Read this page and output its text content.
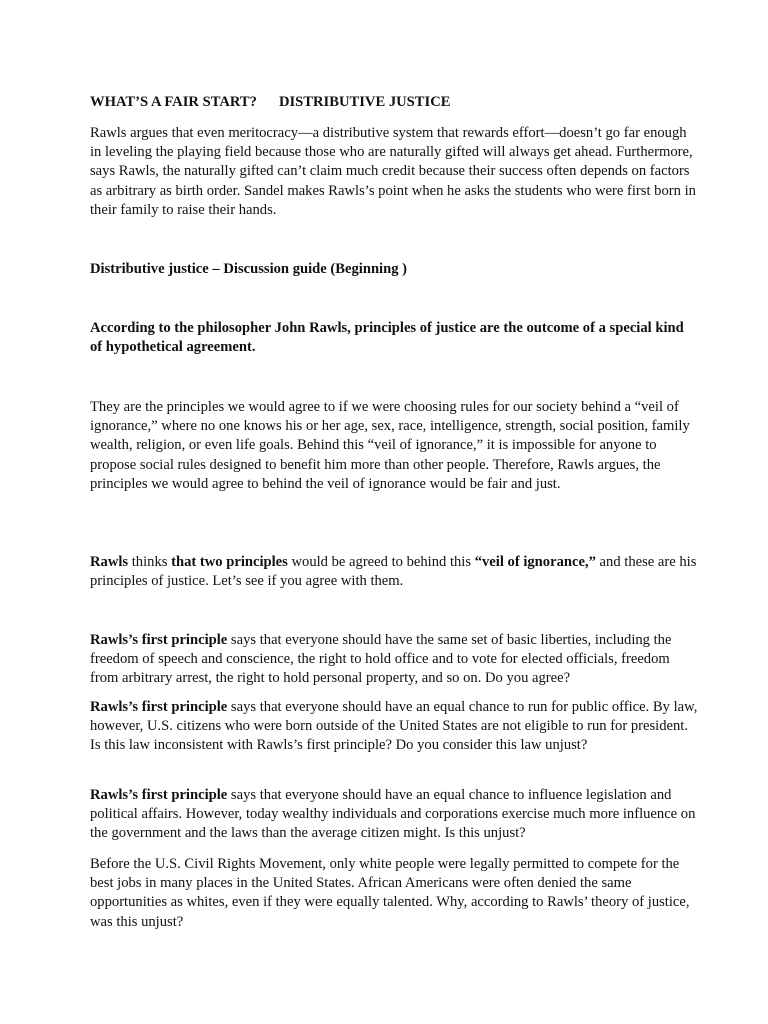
WHAT’S A FAIR START? DISTRIBUTIVE JUSTICE

Rawls argues that even meritocracy—a distributive system that rewards effort—doesn’t go far enough in leveling the playing field because those who are naturally gifted will always get ahead. Furthermore, says Rawls, the naturally gifted can’t claim much credit because their success often depends on factors as arbitrary as birth order. Sandel makes Rawls’s point when he asks the students who were first born in their family to raise their hands.

Distributive justice – Discussion guide (Beginning )

According to the philosopher John Rawls, principles of justice are the outcome of a special kind of hypothetical agreement.

They are the principles we would agree to if we were choosing rules for our society behind a “veil of ignorance,” where no one knows his or her age, sex, race, intelligence, strength, social position, family wealth, religion, or even life goals. Behind this “veil of ignorance,” it is impossible for anyone to propose social rules designed to benefit him more than other people. Therefore, Rawls argues, the principles we would agree to behind the veil of ignorance would be fair and just.

Rawls thinks that two principles would be agreed to behind this “veil of ignorance,” and these are his principles of justice. Let’s see if you agree with them.

Rawls’s first principle says that everyone should have the same set of basic liberties, including the freedom of speech and conscience, the right to hold office and to vote for elected officials, freedom from arbitrary arrest, the right to hold personal property, and so on. Do you agree?

Rawls’s first principle says that everyone should have an equal chance to run for public office. By law, however, U.S. citizens who were born outside of the United States are not eligible to run for president. Is this law inconsistent with Rawls’s first principle? Do you consider this law unjust?

Rawls’s first principle says that everyone should have an equal chance to influence legislation and political affairs. However, today wealthy individuals and corporations exercise much more influence on the government and the laws than the average citizen might. Is this unjust?

Before the U.S. Civil Rights Movement, only white people were legally permitted to compete for the best jobs in many places in the United States. African Americans were often denied the same opportunities as whites, even if they were equally talented. Why, according to Rawls’ theory of justice, was this unjust?
